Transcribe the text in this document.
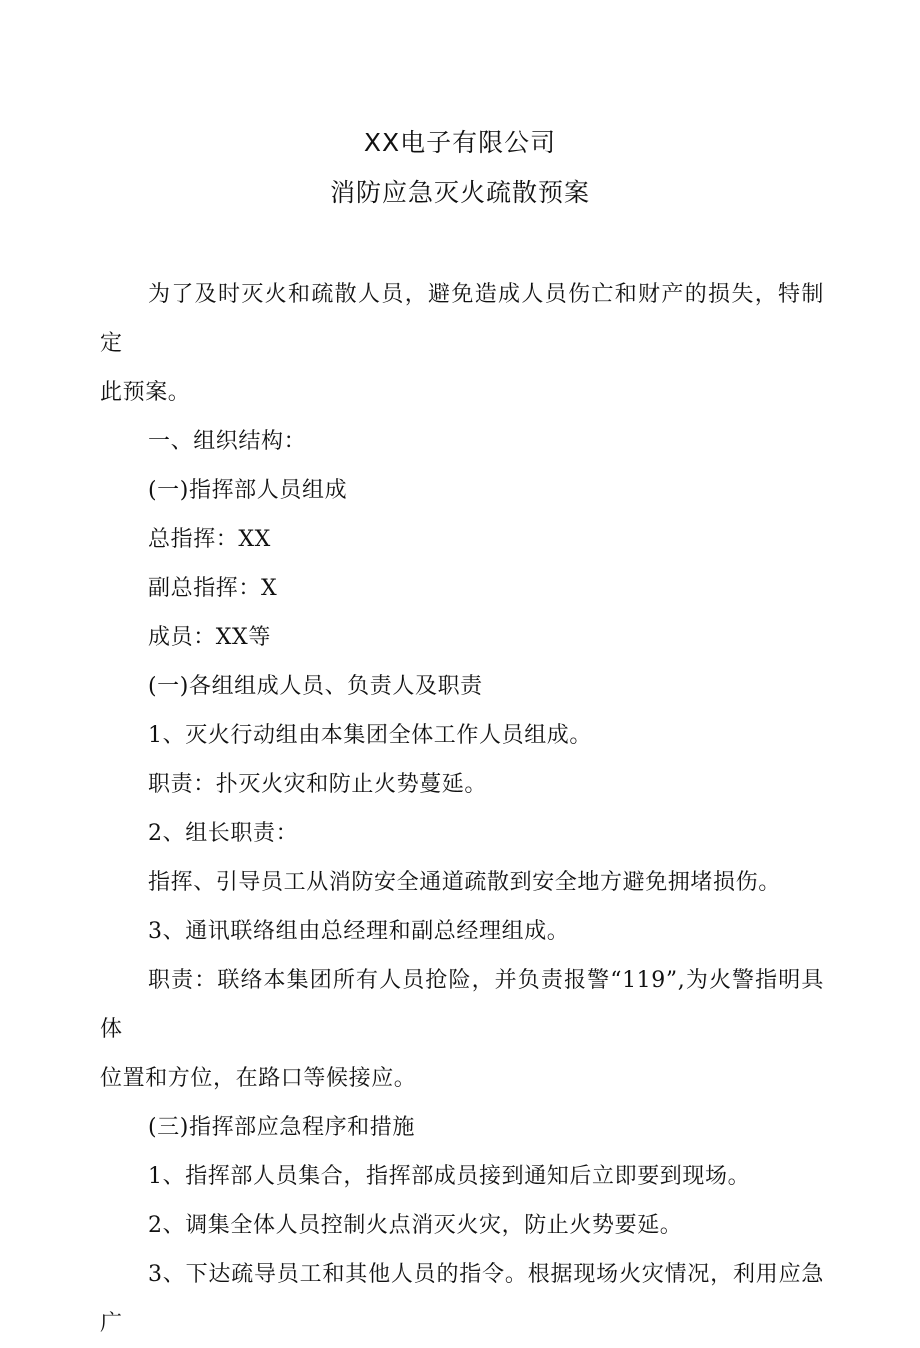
XX电子有限公司
消防应急灭火疏散预案

为了及时灭火和疏散人员，避免造成人员伤亡和财产的损失，特制定

此预案。

一、组织结构：

(一)指挥部人员组成

总指挥：XX

副总指挥：X

成员：XX等

(一)各组组成人员、负责人及职责

1、灭火行动组由本集团全体工作人员组成。

职责：扑灭火灾和防止火势蔓延。

2、组长职责：

指挥、引导员工从消防安全通道疏散到安全地方避免拥堵损伤。

3、通讯联络组由总经理和副总经理组成。

职责：联络本集团所有人员抢险，并负责报警“119”,为火警指明具体

位置和方位，在路口等候接应。

(三)指挥部应急程序和措施

1、指挥部人员集合，指挥部成员接到通知后立即要到现场。

2、调集全体人员控制火点消灭火灾，防止火势要延。

3、下达疏导员工和其他人员的指令。根据现场火灾情况，利用应急广
